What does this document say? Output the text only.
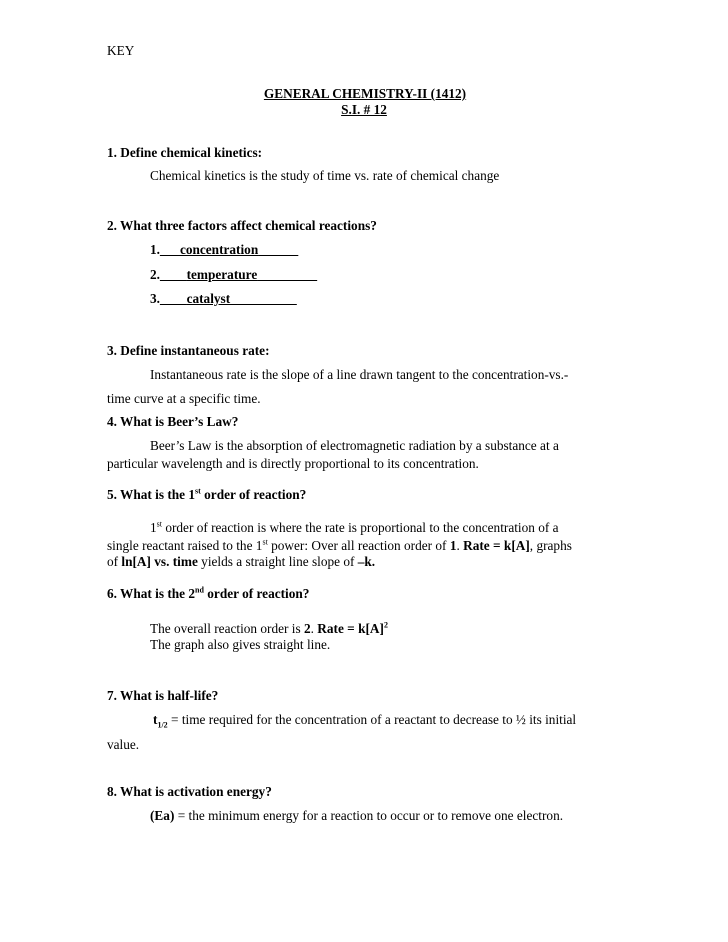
KEY
GENERAL CHEMISTRY-II (1412)
S.I. # 12
1. Define chemical kinetics:
Chemical kinetics is the study of time vs. rate of chemical change
2. What three factors affect chemical reactions?
1.___concentration______
2.____temperature_________
3.____catalyst__________
3. Define instantaneous rate:
Instantaneous rate is the slope of a line drawn tangent to the concentration-vs.-
time curve at a specific time.
4. What is Beer’s Law?
Beer’s Law is the absorption of electromagnetic radiation by a substance at a
particular wavelength and is directly proportional to its concentration.
5. What is the 1st order of reaction?
1st order of reaction is where the rate is proportional to the concentration of a
single reactant raised to the 1st power: Over all reaction order of 1. Rate = k[A], graphs
of ln[A] vs. time yields a straight line slope of –k.
6. What is the 2nd order of reaction?
The overall reaction order is 2. Rate = $k[A]^2$
The graph also gives straight line.
7. What is half-life?
$t_{1/2}$ = time required for the concentration of a reactant to decrease to ½ its initial
value.
8. What is activation energy?
(Ea) = the minimum energy for a reaction to occur or to remove one electron.
